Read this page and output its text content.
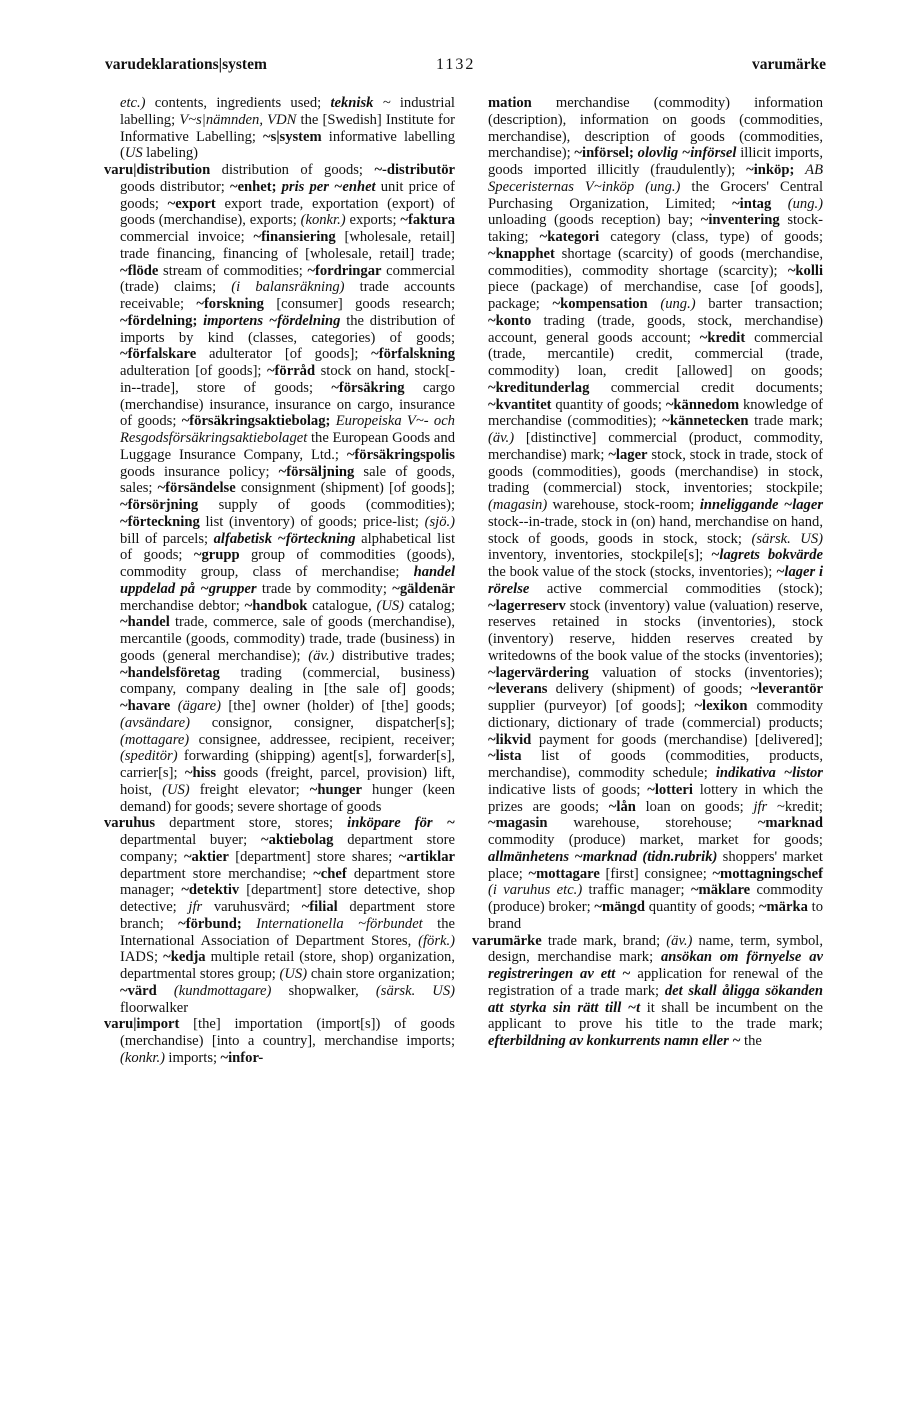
varudeklarations|system	1132	varumärke

etc.) contents, ingredients used; teknisk ~ industrial labelling; V~s|nämnden, VDN the [Swedish] Institute for Informative Labelling; ~s|system informative labelling (US labeling)

varu|distribution distribution of goods; ~-distributör goods distributor; ~enhet; pris per ~enhet unit price of goods; ~export export trade, exportation (export) of goods (merchandise), exports; (konkr.) exports; ~faktura commercial invoice; ~finansiering [wholesale, retail] trade financing, financing of [wholesale, retail] trade; ~flöde stream of commodities; ~fordringar commercial (trade) claims; (i balansräkning) trade accounts receivable; ~forskning [consumer] goods research; ~fördelning; importens ~fördelning the distribution of imports by kind (classes, categories) of goods; ~förfalskare adulterator [of goods]; ~förfalskning adulteration [of goods]; ~förråd stock on hand, stock[-in--trade], store of goods; ~försäkring cargo (merchandise) insurance, insurance on cargo, insurance of goods; ~försäkringsaktiebolag; Europeiska V~- och Resgodsförsäkringsaktiebolaget the European Goods and Luggage Insurance Company, Ltd.; ~försäkringspolis goods insurance policy; ~försäljning sale of goods, sales; ~försändelse consignment (shipment) [of goods]; ~försörjning supply of goods (commodities); ~förteckning list (inventory) of goods; price-list; (sjö.) bill of parcels; alfabetisk ~förteckning alphabetical list of goods; ~grupp group of commodities (goods), commodity group, class of merchandise; handel uppdelad på ~grupper trade by commodity; ~gäldenär merchandise debtor; ~handbok catalogue, (US) catalog; ~handel trade, commerce, sale of goods (merchandise), mercantile (goods, commodity) trade, trade (business) in goods (general merchandise); (äv.) distributive trades; ~handelsföretag trading (commercial, business) company, company dealing in [the sale of] goods; ~havare (ägare) [the] owner (holder) of [the] goods; (avsändare) consignor, consigner, dispatcher[s]; (mottagare) consignee, addressee, recipient, receiver; (speditör) forwarding (shipping) agent[s], forwarder[s], carrier[s]; ~hiss goods (freight, parcel, provision) lift, hoist, (US) freight elevator; ~hunger hunger (keen demand) for goods; severe shortage of goods

varuhus department store, stores; inköpare för ~ departmental buyer; ~aktiebolag department store company; ~aktier [department] store shares; ~artiklar department store merchandise; ~chef department store manager; ~detektiv [department] store detective, shop detective; jfr varuhusvärd; ~filial department store branch; ~förbund; Internationella ~förbundet the International Association of Department Stores, (förk.) IADS; ~kedja multiple retail (store, shop) organization, departmental stores group; (US) chain store organization; ~värd (kundmottagare) shopwalker, (särsk. US) floorwalker

varu|import [the] importation (import[s]) of goods (merchandise) [into a country], merchandise imports; (konkr.) imports; ~infor-

mation merchandise (commodity) information (description), information on goods (commodities, merchandise), description of goods (commodities, merchandise); ~införsel; olovlig ~införsel illicit imports, goods imported illicitly (fraudulently); ~inköp; AB Speceristernas V~inköp (ung.) the Grocers' Central Purchasing Organization, Limited; ~intag (ung.) unloading (goods reception) bay; ~inventering stock-taking; ~kategori category (class, type) of goods; ~knapphet shortage (scarcity) of goods (merchandise, commodities), commodity shortage (scarcity); ~kolli piece (package) of merchandise, case [of goods], package; ~kompensation (ung.) barter transaction; ~konto trading (trade, goods, stock, merchandise) account, general goods account; ~kredit commercial (trade, mercantile) credit, commercial (trade, commodity) loan, credit [allowed] on goods; ~kreditunderlag commercial credit documents; ~kvantitet quantity of goods; ~kännedom knowledge of merchandise (commodities); ~kännetecken trade mark; (äv.) [distinctive] commercial (product, commodity, merchandise) mark; ~lager stock, stock in trade, stock of goods (commodities), goods (merchandise) in stock, trading (commercial) stock, inventories; stockpile; (magasin) warehouse, stock-room; inneliggande ~lager stock--in-trade, stock in (on) hand, merchandise on hand, stock of goods, goods in stock, stock; (särsk. US) inventory, inventories, stockpile[s]; ~lagrets bokvärde the book value of the stock (stocks, inventories); ~lager i rörelse active commercial commodities (stock); ~lagerreserv stock (inventory) value (valuation) reserve, reserves retained in stocks (inventories), stock (inventory) reserve, hidden reserves created by writedowns of the book value of the stocks (inventories); ~lagervärdering valuation of stocks (inventories); ~leverans delivery (shipment) of goods; ~leverantör supplier (purveyor) [of goods]; ~lexikon commodity dictionary, dictionary of trade (commercial) products; ~likvid payment for goods (merchandise) [delivered]; ~lista list of goods (commodities, products, merchandise), commodity schedule; indikativa ~listor indicative lists of goods; ~lotteri lottery in which the prizes are goods; ~lån loan on goods; jfr ~kredit; ~magasin warehouse, storehouse; ~marknad commodity (produce) market, market for goods; allmänhetens ~marknad (tidn.rubrik) shoppers' market place; ~mottagare [first] consignee; ~mottagningschef (i varuhus etc.) traffic manager; ~mäklare commodity (produce) broker; ~mängd quantity of goods; ~märka to brand

varumärke trade mark, brand; (äv.) name, term, symbol, design, merchandise mark; ansökan om förnyelse av registreringen av ett ~ application for renewal of the registration of a trade mark; det skall åligga sökanden att styrka sin rätt till ~t it shall be incumbent on the applicant to prove his title to the trade mark; efterbildning av konkurrents namn eller ~ the
